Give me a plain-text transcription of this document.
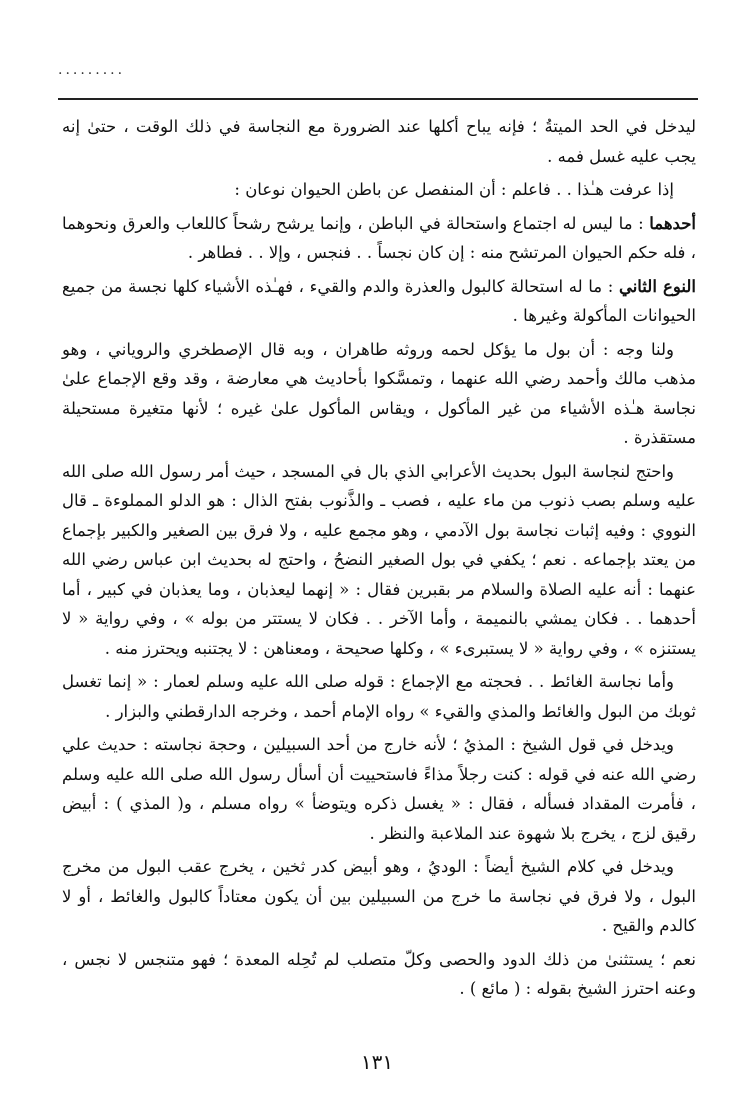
.........

ليدخل في الحد الميتةُ ؛ فإنه يباح أكلها عند الضرورة مع النجاسة في ذلك الوقت ، حتىٰ إنه يجب عليه غسل فمه .

إذا عرفت هـٰذا . . فاعلم : أن المنفصل عن باطن الحيوان نوعان :

أحدهما : ما ليس له اجتماع واستحالة في الباطن ، وإنما يرشح رشحاً كاللعاب والعرق ونحوهما ، فله حكم الحيوان المرتشح منه : إن كان نجساً . . فنجس ، وإلا . . فطاهر .

النوع الثاني : ما له استحالة كالبول والعذرة والدم والقيء ، فهـٰذه الأشياء كلها نجسة من جميع الحيوانات المأكولة وغيرها .

ولنا وجه : أن بول ما يؤكل لحمه وروثه طاهران ، وبه قال الإصطخري والروياني ، وهو مذهب مالك وأحمد رضي الله عنهما ، وتمسَّكوا بأحاديث هي معارضة ، وقد وقع الإجماع علىٰ نجاسة هـٰذه الأشياء من غير المأكول ، ويقاس المأكول علىٰ غيره ؛ لأنها متغيرة مستحيلة مستقذرة .

واحتج لنجاسة البول بحديث الأعرابي الذي بال في المسجد ، حيث أمر رسول الله صلى الله عليه وسلم بصب ذنوب من ماء عليه ، فصب ـ والذَّنوب بفتح الذال : هو الدلو المملوءة ـ قال النووي : وفيه إثبات نجاسة بول الآدمي ، وهو مجمع عليه ، ولا فرق بين الصغير والكبير بإجماع من يعتد بإجماعه . نعم ؛ يكفي في بول الصغير النضحُ ، واحتج له بحديث ابن عباس رضي الله عنهما : أنه عليه الصلاة والسلام مر بقبرين فقال : « إنهما ليعذبان ، وما يعذبان في كبير ، أما أحدهما . . فكان يمشي بالنميمة ، وأما الآخر . . فكان لا يستتر من بوله » ، وفي رواية « لا يستنزه » ، وفي رواية « لا يستبرىء » ، وكلها صحيحة ، ومعناهن : لا يجتنبه ويحترز منه .

وأما نجاسة الغائط . . فحجته مع الإجماع : قوله صلى الله عليه وسلم لعمار : « إنما تغسل ثوبك من البول والغائط والمذي والقيء » رواه الإمام أحمد ، وخرجه الدارقطني والبزار .

ويدخل في قول الشيخ : المذيُ ؛ لأنه خارج من أحد السبيلين ، وحجة نجاسته : حديث علي رضي الله عنه في قوله : كنت رجلاً مذاءً فاستحييت أن أسأل رسول الله صلى الله عليه وسلم ، فأمرت المقداد فسأله ، فقال : « يغسل ذكره ويتوضأ » رواه مسلم ، و( المذي ) : أبيض رقيق لزج ، يخرج بلا شهوة عند الملاعبة والنظر .

ويدخل في كلام الشيخ أيضاً : الوديُ ، وهو أبيض كدر ثخين ، يخرج عقب البول من مخرج البول ، ولا فرق في نجاسة ما خرج من السبيلين بين أن يكون معتاداً كالبول والغائط ، أو لا كالدم والقيح .

نعم ؛ يستثنىٰ من ذلك الدود والحصى وكلّ متصلب لم تُحِله المعدة ؛ فهو متنجس لا نجس ، وعنه احترز الشيخ بقوله : ( مائع ) .

١٣١
